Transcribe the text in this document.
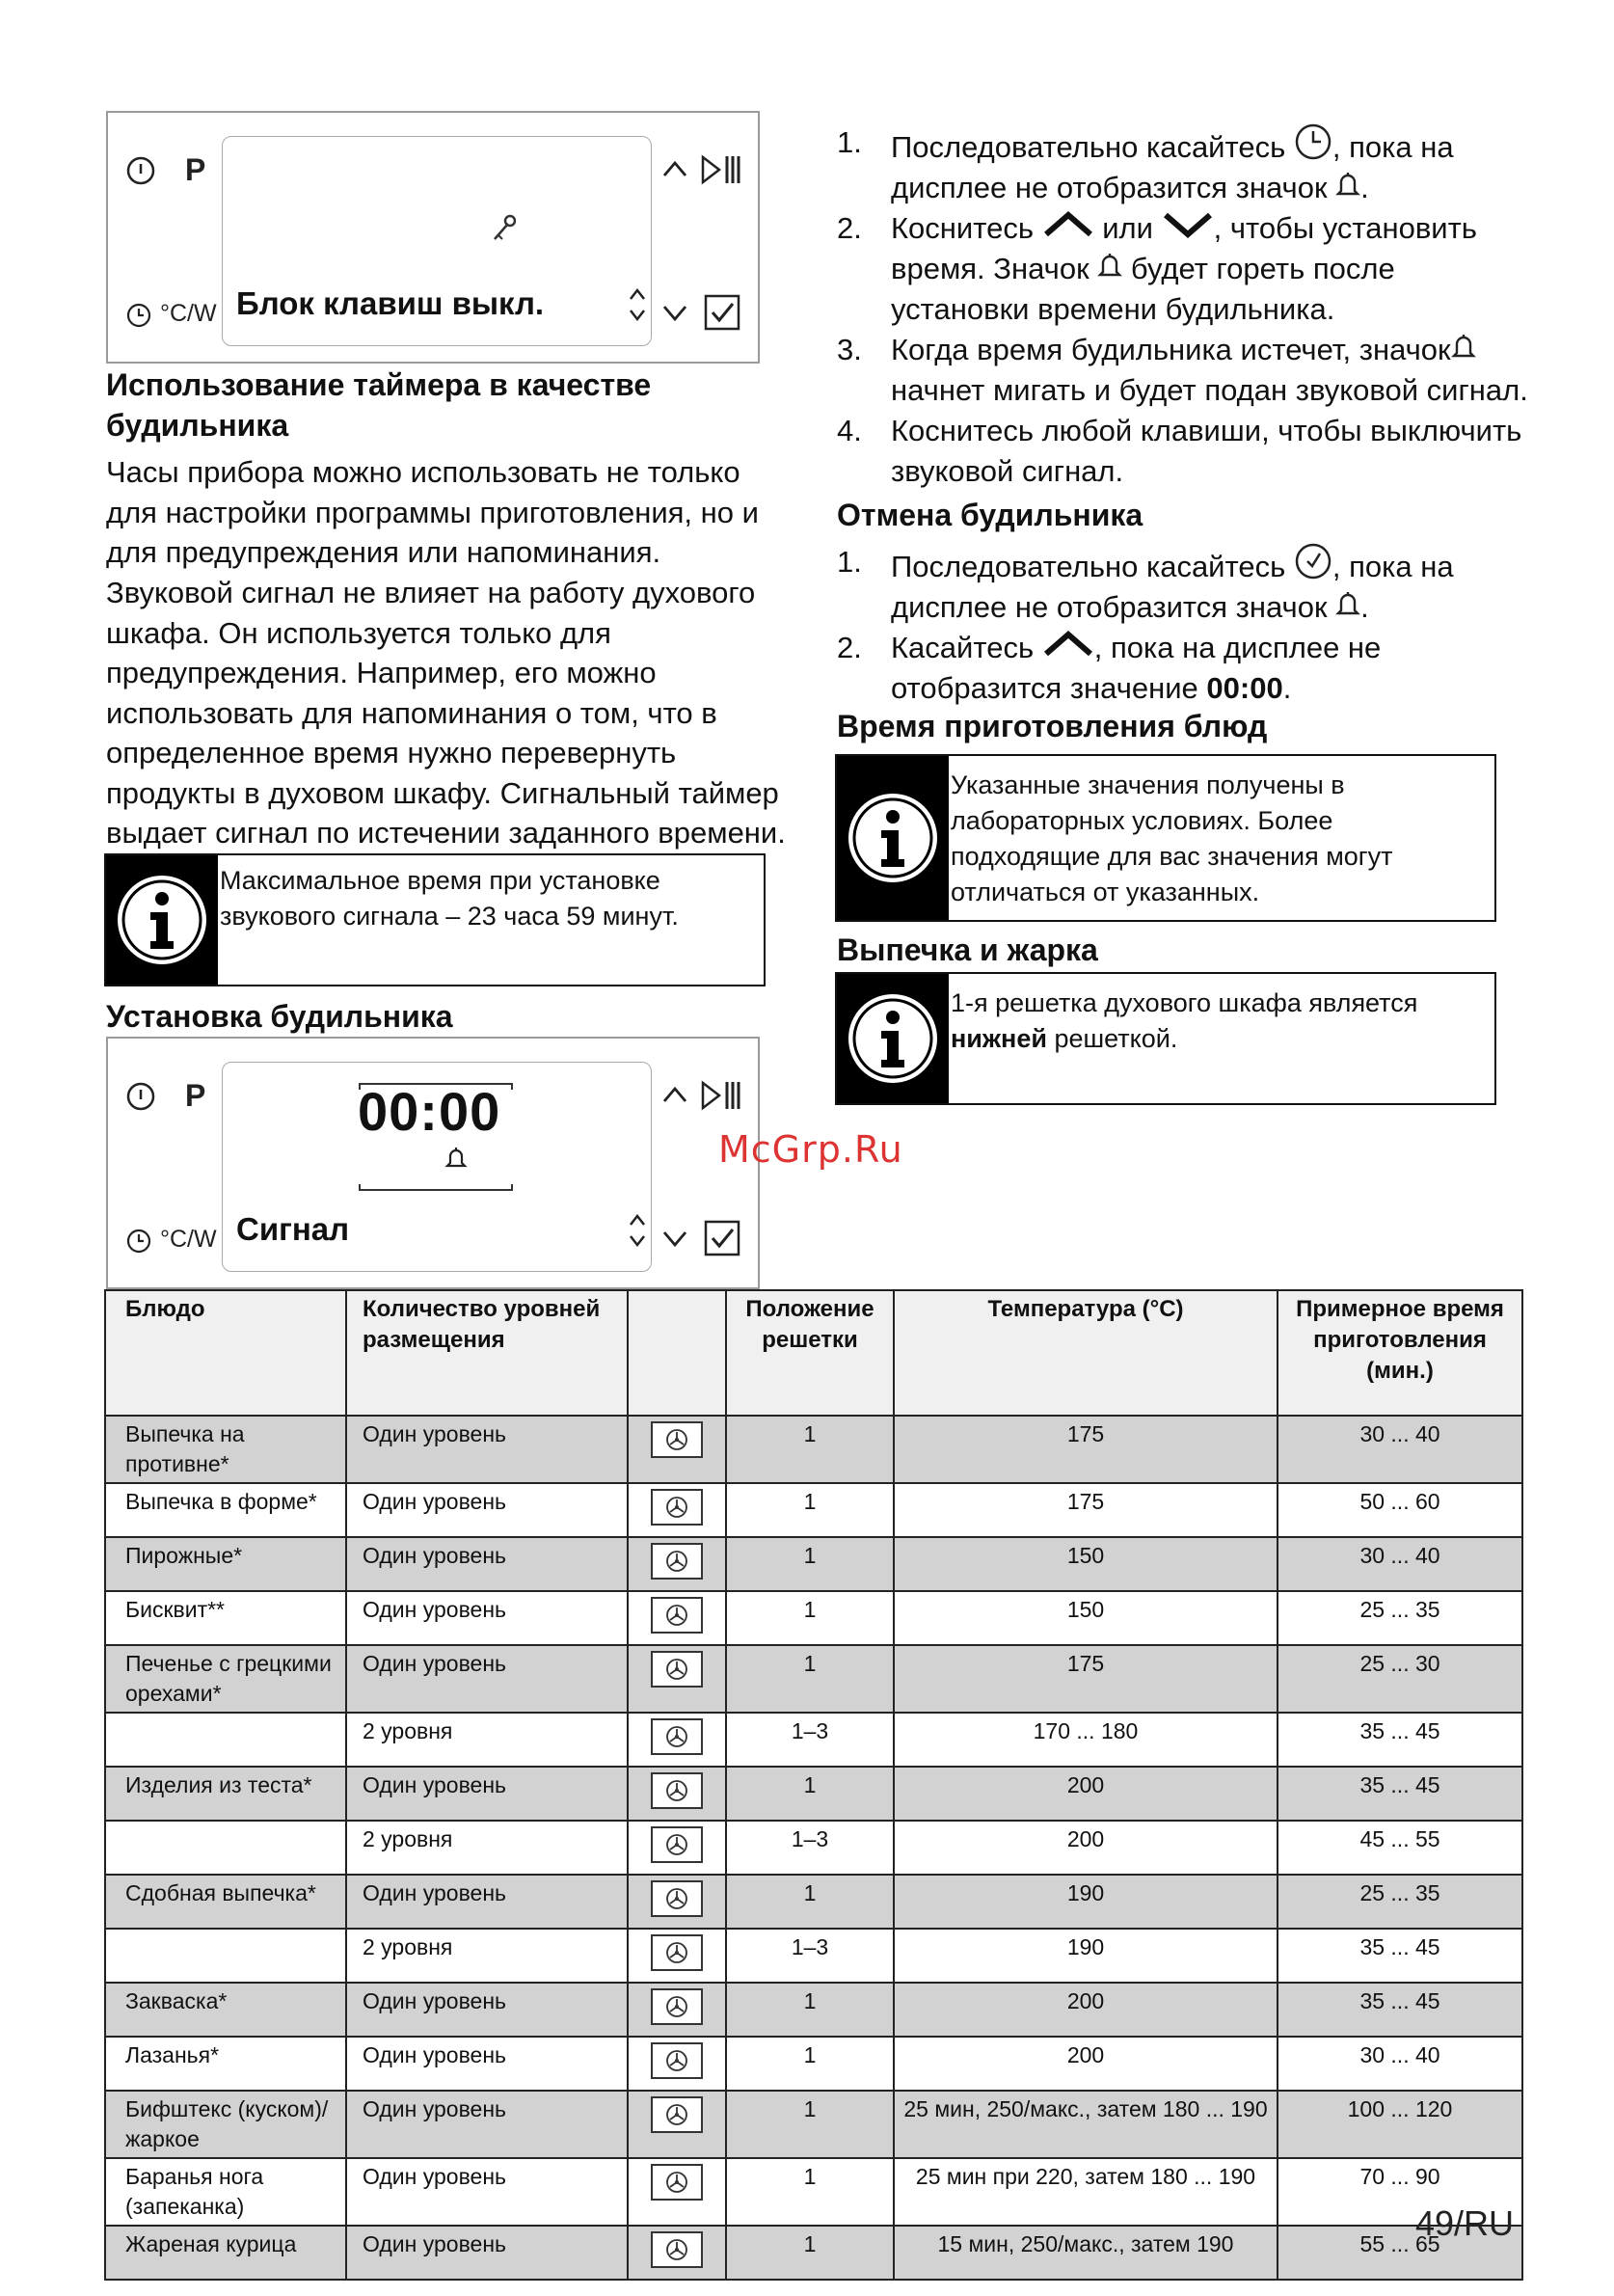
P
°C/W Блок клавиш выкл.
Использование таймера в качестве будильника
Часы прибора можно использовать не только для настройки программы приготовления, но и для предупреждения или напоминания.
Звуковой сигнал не влияет на работу духового шкафа. Он используется только для предупреждения. Например, его можно использовать для напоминания о том, что в определенное время нужно перевернуть продукты в духовом шкафу. Сигнальный таймер выдает сигнал по истечении заданного времени.
Максимальное время при установке звукового сигнала – 23 часа 59 минут.
Установка будильника
P
°C/W
00:00
Сигнал
1. Последовательно касайтесь , пока на дисплее не отобразится значок .
2. Коснитесь или , чтобы установить время. Значок будет гореть после установки времени будильника.
3. Когда время будильника истечет, значок начнет мигать и будет подан звуковой сигнал.
4. Коснитесь любой клавиши, чтобы выключить звуковой сигнал.
Отмена будильника
1. Последовательно касайтесь , пока на дисплее не отобразится значок .
2. Касайтесь , пока на дисплее не отобразится значение 00:00.
Время приготовления блюд
Указанные значения получены в лабораторных условиях. Более подходящие для вас значения могут отличаться от указанных.
Выпечка и жарка
1-я решетка духового шкафа является нижней решеткой.
McGrp.Ru
Блюдо	Количество уровней размещения		Положение решетки	Температура (°C)	Примерное время приготовления (мин.)
Выпечка на противне*	Один уровень		1	175	30 ... 40
Выпечка в форме*	Один уровень		1	175	50 ... 60
Пирожные*	Один уровень		1	150	30 ... 40
Бисквит**	Один уровень		1	150	25 ... 35
Печенье с грецкими орехами*	Один уровень		1	175	25 ... 30
	2 уровня		1–3	170 ... 180	35 ... 45
Изделия из теста*	Один уровень		1	200	35 ... 45
	2 уровня		1–3	200	45 ... 55
Сдобная выпечка*	Один уровень		1	190	25 ... 35
	2 уровня		1–3	190	35 ... 45
Закваска*	Один уровень		1	200	35 ... 45
Лазанья*	Один уровень		1	200	30 ... 40
Бифштекс (куском)/жаркое	Один уровень		1	25 мин, 250/макс., затем 180 ... 190	100 ... 120
Баранья нога (запеканка)	Один уровень		1	25 мин при 220, затем 180 ... 190	70 ... 90
Жареная курица	Один уровень		1	15 мин, 250/макс., затем 190	55 ... 65
49/RU
